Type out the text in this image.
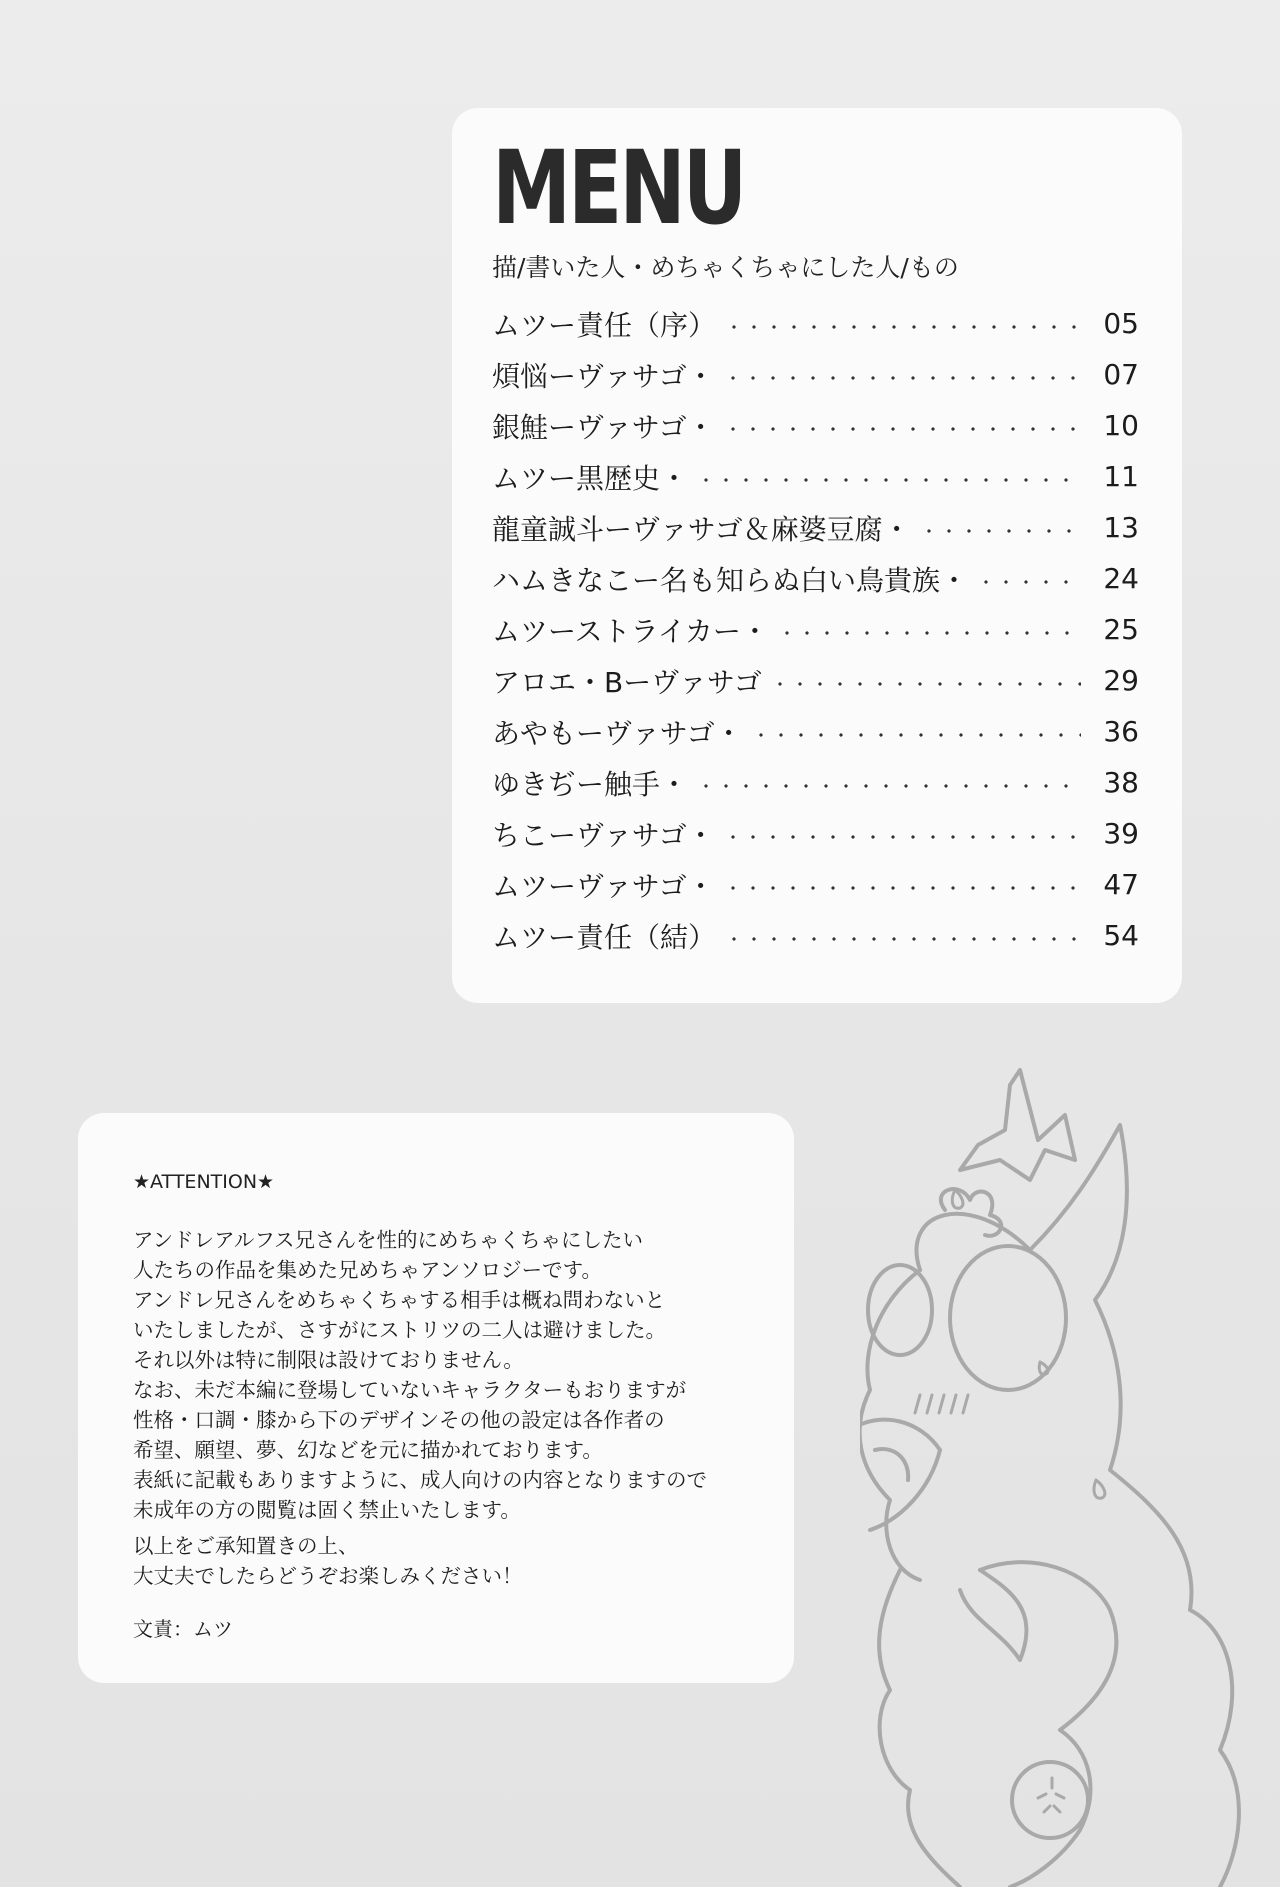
MENU
描/書いた人・めちゃくちゃにした人/もの
ムツー責任（序）	05
煩悩ーヴァサゴ・	07
銀鮭ーヴァサゴ・	10
ムツー黒歴史・	11
龍童誠斗ーヴァサゴ＆麻婆豆腐・	13
ハムきなこー名も知らぬ白い鳥貴族・	24
ムツーストライカー・	25
アロエ・Bーヴァサゴ	29
あやもーヴァサゴ・	36
ゆきぢー触手・	38
ちこーヴァサゴ・	39
ムツーヴァサゴ・	47
ムツー責任（結）	54
★ATTENTION★
アンドレアルフス兄さんを性的にめちゃくちゃにしたい
人たちの作品を集めた兄めちゃアンソロジーです。
アンドレ兄さんをめちゃくちゃする相手は概ね問わないと
いたしましたが、さすがにストリツの二人は避けました。
それ以外は特に制限は設けておりません。
なお、未だ本編に登場していないキャラクターもおりますが
性格・口調・膝から下のデザインその他の設定は各作者の
希望、願望、夢、幻などを元に描かれております。
表紙に記載もありますように、成人向けの内容となりますので
未成年の方の閲覧は固く禁止いたします。
以上をご承知置きの上、
大丈夫でしたらどうぞお楽しみください！
文責：ムツ
